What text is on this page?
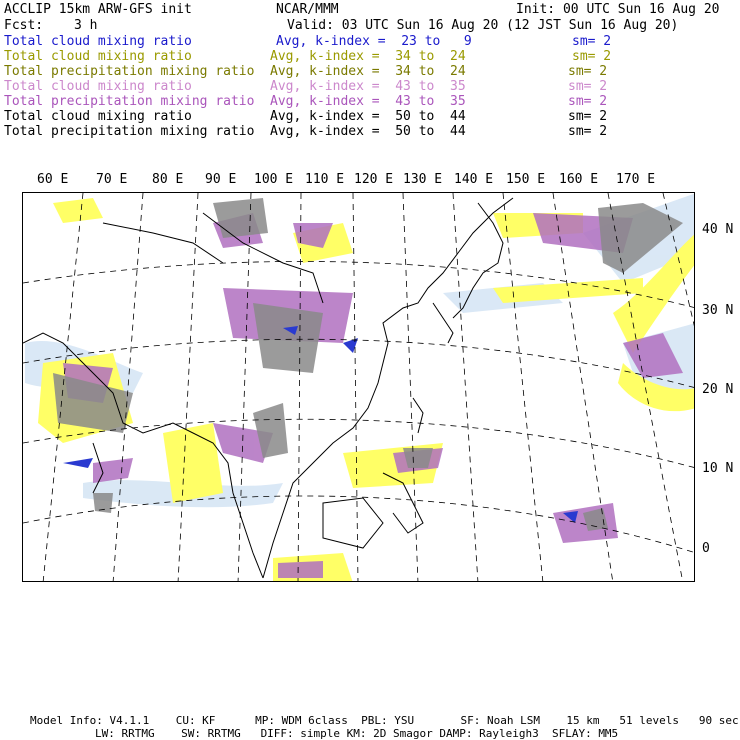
ACCLIP 15km ARW-GFS init	NCAR/MMM	Init: 00 UTC Sun 16 Aug 20
Fcst: 3 h	Valid: 03 UTC Sun 16 Aug 20 (12 JST Sun 16 Aug 20)
Total cloud mixing ratio	Avg, k-index =  23 to   9	sm= 2
Total cloud mixing ratio	Avg, k-index =  34 to  24	sm= 2
Total precipitation mixing ratio Avg, k-index =  34 to  24	sm= 2
Total cloud mixing ratio	Avg, k-index =  43 to  35	sm= 2
Total precipitation mixing ratio Avg, k-index =  43 to  35	sm= 2
Total cloud mixing ratio	Avg, k-index =  50 to  44	sm= 2
Total precipitation mixing ratio Avg, k-index =  50 to  44	sm= 2
60 E 70 E 80 E 90 E 100 E 110 E 120 E 130 E 140 E 150 E 160 E 170 E
40 N
30 N
20 N
10 N
0
Model Info: V4.1.1    CU: KF      MP: WDM 6class  PBL: YSU       SF: Noah LSM    15 km   51 levels   90 sec
LW: RRTMG    SW: RRTMG   DIFF: simple KM: 2D Smagor DAMP: Rayleigh3  SFLAY: MM5
